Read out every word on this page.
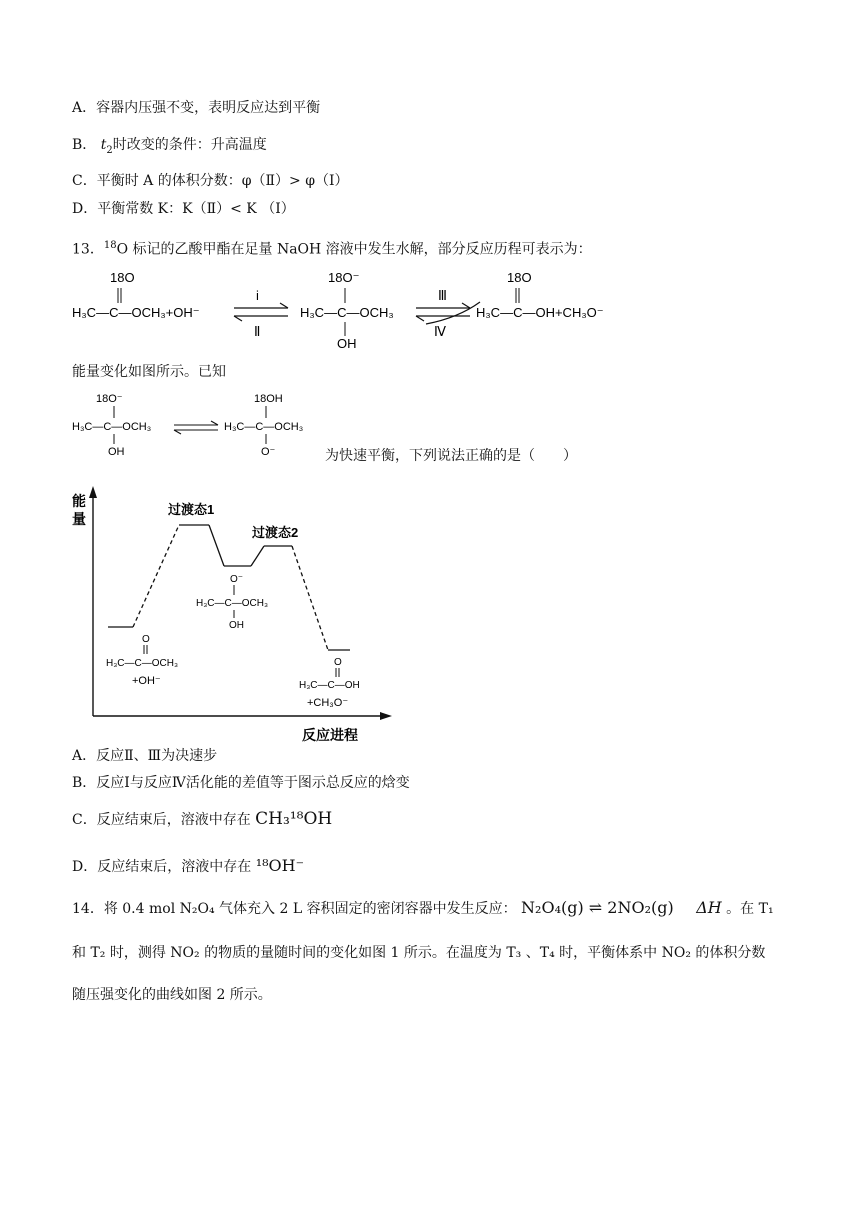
A．容器内压强不变，表明反应达到平衡
B． $t_2$时改变的条件：升高温度
C．平衡时 A 的体积分数：φ（Ⅱ）> φ（Ⅰ）
D．平衡常数 K：K（Ⅱ）< K （Ⅰ）
13．$^{18}$O 标记的乙酸甲酯在足量 NaOH 溶液中发生水解，部分反应历程可表示为：
18O
H₃C—C—OCH₃+OH⁻
i
Ⅱ
18O⁻
H₃C—C—OCH₃
OH
Ⅲ
Ⅳ
18O
H₃C—C—OH+CH₃O⁻
能量变化如图所示。已知
18O⁻
H₃C—C—OCH₃
OH
18OH
H₃C—C—OCH₃
O⁻	为快速平衡，下列说法正确的是（　　）
能
量
反应进程
过渡态1
过渡态2
O
H₃C—C—OCH₃
+OH⁻
O⁻
H₃C—C—OCH₃
OH
O
H₃C—C—OH
+CH₃O⁻
A．反应Ⅱ、Ⅲ为决速步
B．反应Ⅰ与反应Ⅳ活化能的差值等于图示总反应的焓变
C．反应结束后，溶液中存在 CH₃¹⁸OH
D．反应结束后，溶液中存在 ¹⁸OH⁻
14．将 0.4 mol N₂O₄ 气体充入 2 L 容积固定的密闭容器中发生反应： N₂O₄(g) ⇌ 2NO₂(g) ΔH 。在 T₁
和 T₂ 时，测得 NO₂ 的物质的量随时间的变化如图 1 所示。在温度为 T₃ 、T₄ 时，平衡体系中 NO₂ 的体积分数
随压强变化的曲线如图 2 所示。
